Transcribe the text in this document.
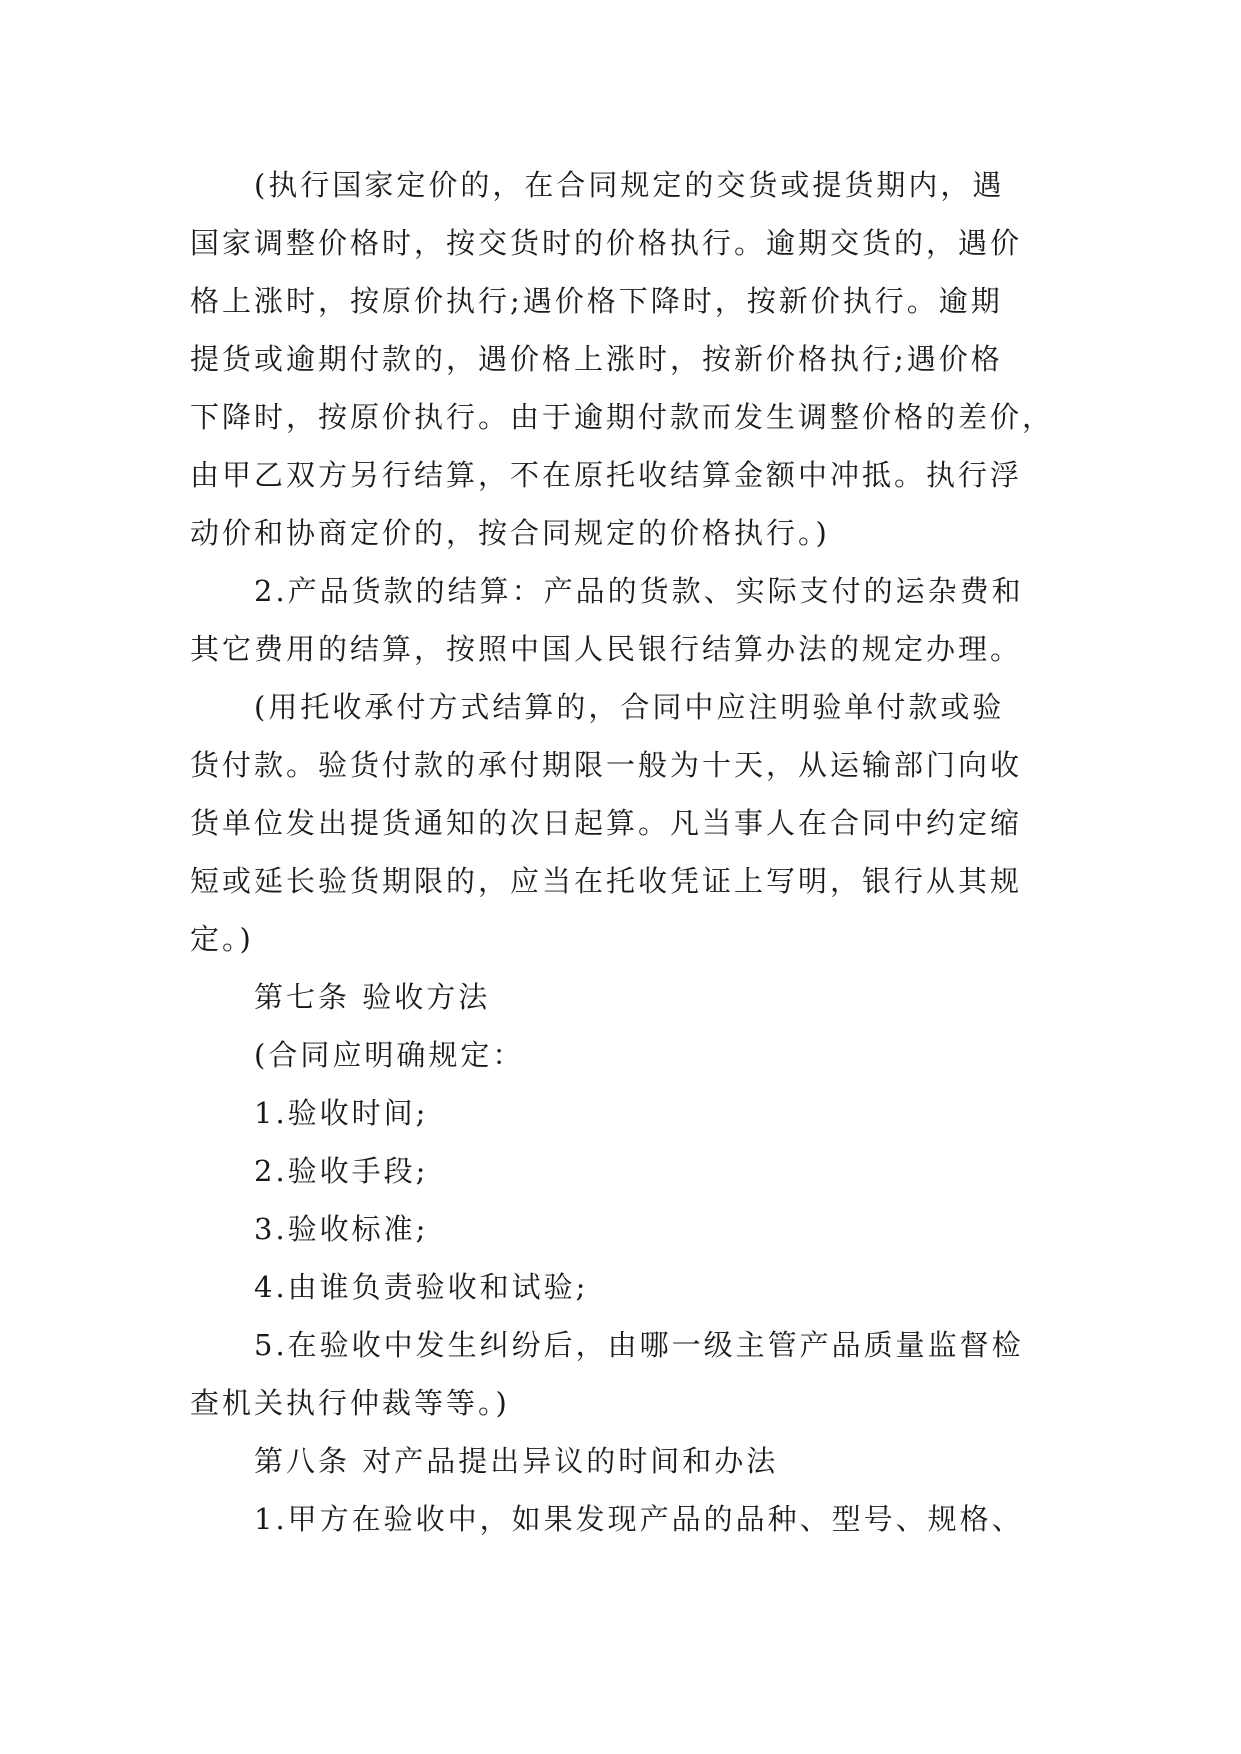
(执行国家定价的，在合同规定的交货或提货期内，遇
国家调整价格时，按交货时的价格执行。逾期交货的，遇价
格上涨时，按原价执行;遇价格下降时，按新价执行。逾期
提货或逾期付款的，遇价格上涨时，按新价格执行;遇价格
下降时，按原价执行。由于逾期付款而发生调整价格的差价，
由甲乙双方另行结算，不在原托收结算金额中冲抵。执行浮
动价和协商定价的，按合同规定的价格执行。)
2.产品货款的结算：产品的货款、实际支付的运杂费和
其它费用的结算，按照中国人民银行结算办法的规定办理。
(用托收承付方式结算的，合同中应注明验单付款或验
货付款。验货付款的承付期限一般为十天，从运输部门向收
货单位发出提货通知的次日起算。凡当事人在合同中约定缩
短或延长验货期限的，应当在托收凭证上写明，银行从其规
定。)
第七条 验收方法
(合同应明确规定：
1.验收时间;
2.验收手段;
3.验收标准;
4.由谁负责验收和试验;
5.在验收中发生纠纷后，由哪一级主管产品质量监督检
查机关执行仲裁等等。)
第八条 对产品提出异议的时间和办法
1.甲方在验收中，如果发现产品的品种、型号、规格、
